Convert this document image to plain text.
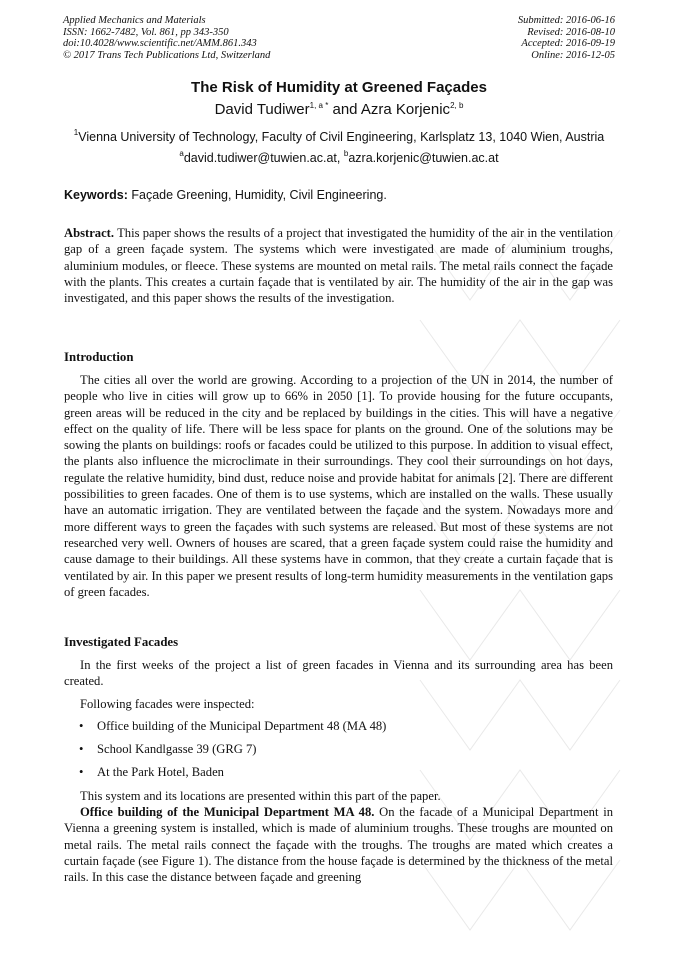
Applied Mechanics and Materials
ISSN: 1662-7482, Vol. 861, pp 343-350
doi:10.4028/www.scientific.net/AMM.861.343
© 2017 Trans Tech Publications Ltd, Switzerland
Submitted: 2016-06-16
Revised: 2016-08-10
Accepted: 2016-09-19
Online: 2016-12-05
The Risk of Humidity at Greened Façades
David Tudiwer$^{1, a *}$ and Azra Korjenic$^{2, b}$
$^1$Vienna University of Technology, Faculty of Civil Engineering, Karlsplatz 13, 1040 Wien, Austria
$^a$david.tudiwer@tuwien.ac.at, $^b$azra.korjenic@tuwien.ac.at
Keywords: Façade Greening, Humidity, Civil Engineering.
Abstract. This paper shows the results of a project that investigated the humidity of the air in the ventilation gap of a green façade system. The systems which were investigated are made of aluminium troughs, aluminium modules, or fleece. These systems are mounted on metal rails. The metal rails connect the façade with the plants. This creates a curtain façade that is ventilated by air. The humidity of the air in the gap was investigated, and this paper shows the results of the investigation.
Introduction
The cities all over the world are growing. According to a projection of the UN in 2014, the number of people who live in cities will grow up to 66% in 2050 [1]. To provide housing for the future occupants, green areas will be reduced in the city and be replaced by buildings in the cities. This will have a negative effect on the quality of life. There will be less space for plants on the ground. One of the solutions may be sowing the plants on buildings: roofs or facades could be utilized to this purpose. In addition to visual effect, the plants also influence the microclimate in their surroundings. They cool their surroundings on hot days, regulate the relative humidity, bind dust, reduce noise and provide habitat for animals [2]. There are different possibilities to green facades. One of them is to use systems, which are installed on the walls. These usually have an automatic irrigation. They are ventilated between the façade and the system. Nowadays more and more different ways to green the façades with such systems are released. But most of these systems are not researched very well. Owners of houses are scared, that a green façade system could raise the humidity and cause damage to their buildings. All these systems have in common, that they create a curtain façade that is ventilated by air. In this paper we present results of long-term humidity measurements in the ventilation gaps of green facades.
Investigated Facades
In the first weeks of the project a list of green facades in Vienna and its surrounding area has been created.
Following facades were inspected:
• Office building of the Municipal Department 48 (MA 48)
• School Kandlgasse 39 (GRG 7)
• At the Park Hotel, Baden
This system and its locations are presented within this part of the paper.
Office building of the Municipal Department MA 48. On the facade of a Municipal Department in Vienna a greening system is installed, which is made of aluminium troughs. These troughs are mounted on metal rails. The metal rails connect the façade with the troughs. The troughs are mated which creates a curtain façade (see Figure 1). The distance from the house façade is determined by the thickness of the metal rails. In this case the distance between façade and greening
